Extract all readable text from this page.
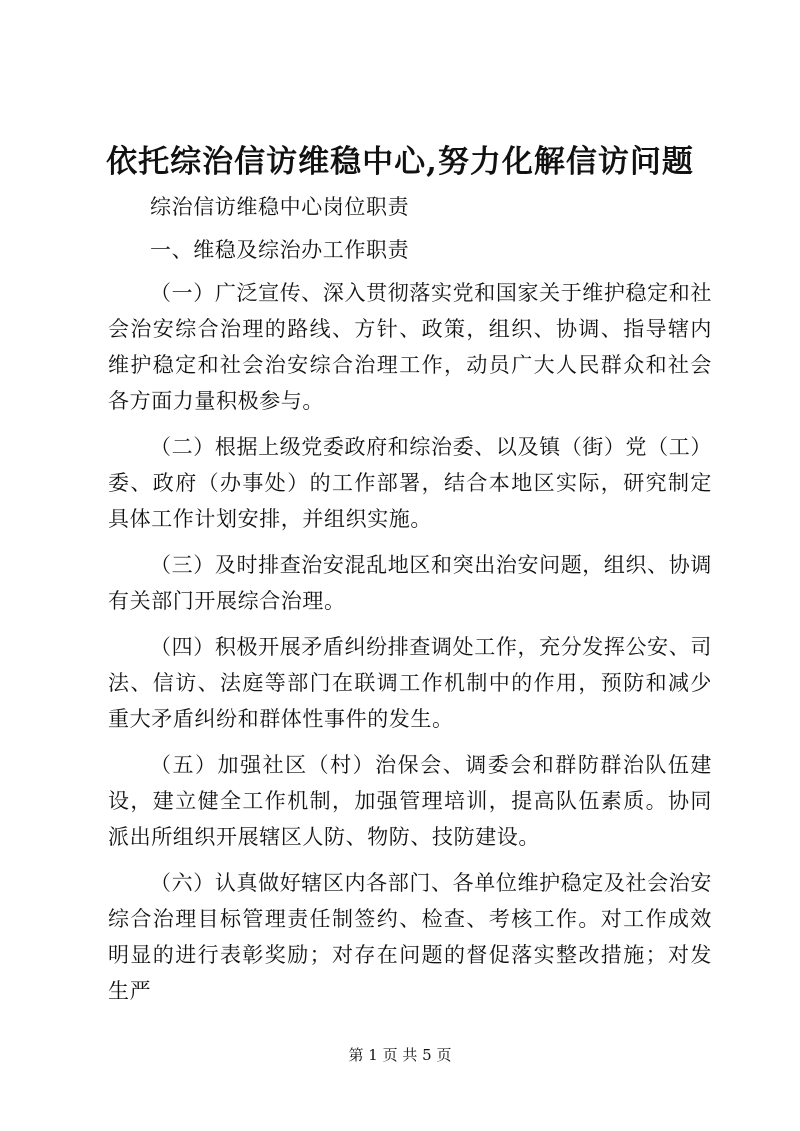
依托综治信访维稳中心,努力化解信访问题

综治信访维稳中心岗位职责

一、维稳及综治办工作职责

（一）广泛宣传、深入贯彻落实党和国家关于维护稳定和社会治安综合治理的路线、方针、政策，组织、协调、指导辖内维护稳定和社会治安综合治理工作，动员广大人民群众和社会各方面力量积极参与。

（二）根据上级党委政府和综治委、以及镇（街）党（工）委、政府（办事处）的工作部署，结合本地区实际，研究制定具体工作计划安排，并组织实施。

（三）及时排查治安混乱地区和突出治安问题，组织、协调有关部门开展综合治理。

（四）积极开展矛盾纠纷排查调处工作，充分发挥公安、司法、信访、法庭等部门在联调工作机制中的作用，预防和减少重大矛盾纠纷和群体性事件的发生。

（五）加强社区（村）治保会、调委会和群防群治队伍建设，建立健全工作机制，加强管理培训，提高队伍素质。协同派出所组织开展辖区人防、物防、技防建设。

（六）认真做好辖区内各部门、各单位维护稳定及社会治安综合治理目标管理责任制签约、检查、考核工作。对工作成效明显的进行表彰奖励；对存在问题的督促落实整改措施；对发生严

第 1 页 共 5 页
